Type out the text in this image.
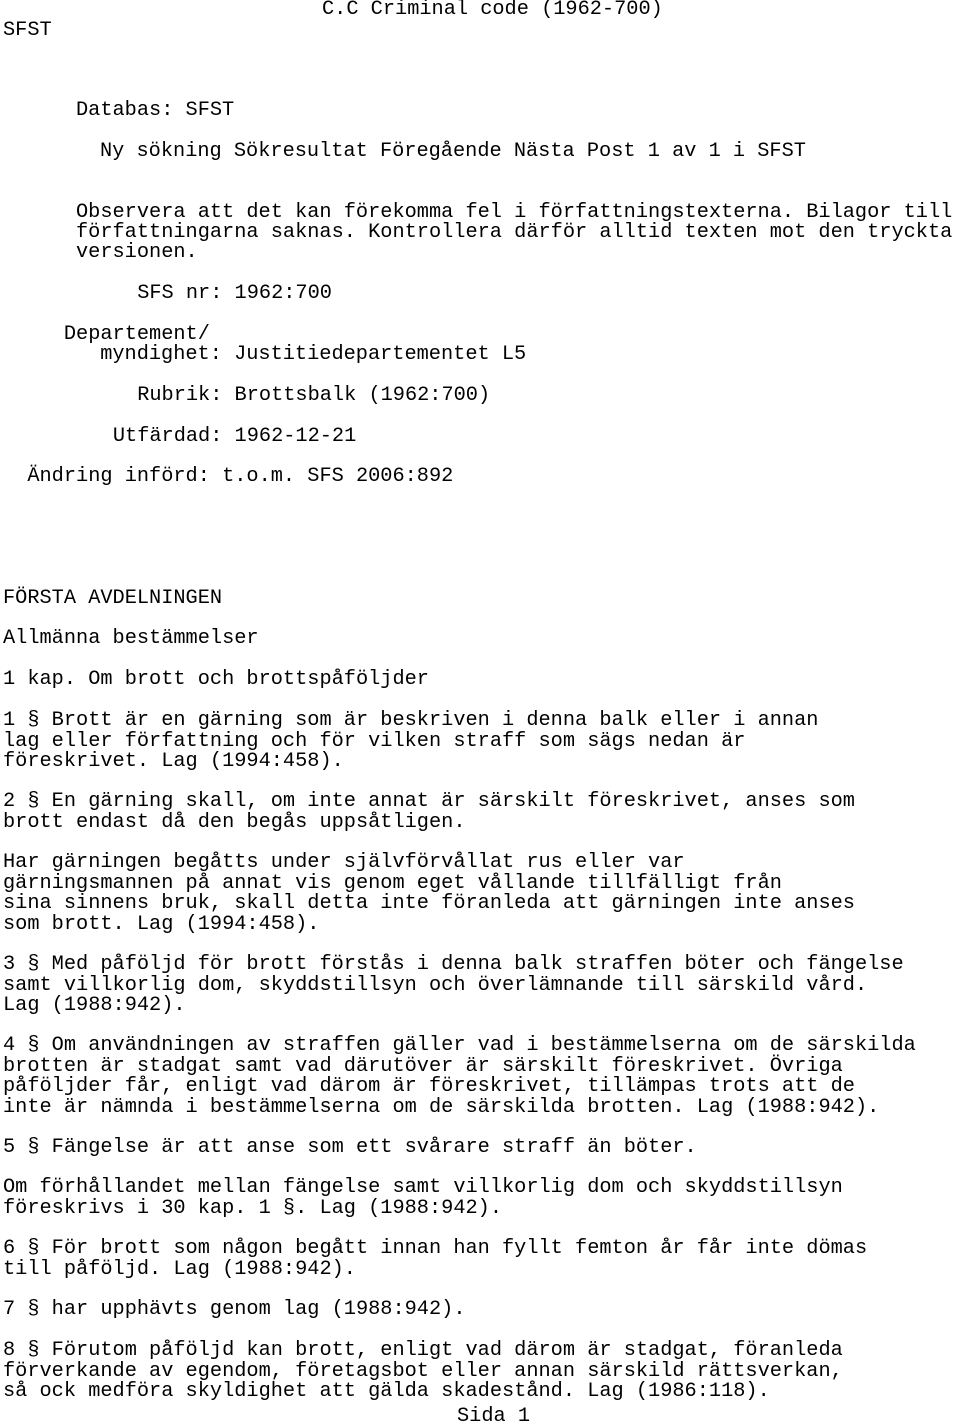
SFST
C.C Criminal code (1962-700)
Databas: SFST
Ny sökning Sökresultat Föregående Nästa Post 1 av 1 i SFST
Observera att det kan förekomma fel i författningstexterna. Bilagor till
författningarna saknas. Kontrollera därför alltid texten mot den tryckta
versionen.
SFS nr: 1962:700
Departement/
myndighet: Justitiedepartementet L5
Rubrik: Brottsbalk (1962:700)
Utfärdad: 1962-12-21
Ändring införd: t.o.m. SFS 2006:892
FÖRSTA AVDELNINGEN
Allmänna bestämmelser
1 kap. Om brott och brottspåföljder
1 § Brott är en gärning som är beskriven i denna balk eller i annan
lag eller författning och för vilken straff som sägs nedan är
föreskrivet. Lag (1994:458).
2 § En gärning skall, om inte annat är särskilt föreskrivet, anses som
brott endast då den begås uppsåtligen.
Har gärningen begåtts under självförvållat rus eller var
gärningsmannen på annat vis genom eget vållande tillfälligt från
sina sinnens bruk, skall detta inte föranleda att gärningen inte anses
som brott. Lag (1994:458).
3 § Med påföljd för brott förstås i denna balk straffen böter och fängelse
samt villkorlig dom, skyddstillsyn och överlämnande till särskild vård.
Lag (1988:942).
4 § Om användningen av straffen gäller vad i bestämmelserna om de särskilda
brotten är stadgat samt vad därutöver är särskilt föreskrivet. Övriga
påföljder får, enligt vad därom är föreskrivet, tillämpas trots att de
inte är nämnda i bestämmelserna om de särskilda brotten. Lag (1988:942).
5 § Fängelse är att anse som ett svårare straff än böter.
Om förhållandet mellan fängelse samt villkorlig dom och skyddstillsyn
föreskrivs i 30 kap. 1 §. Lag (1988:942).
6 § För brott som någon begått innan han fyllt femton år får inte dömas
till påföljd. Lag (1988:942).
7 § har upphävts genom lag (1988:942).
8 § Förutom påföljd kan brott, enligt vad därom är stadgat, föranleda
förverkande av egendom, företagsbot eller annan särskild rättsverkan,
så ock medföra skyldighet att gälda skadestånd. Lag (1986:118).
Sida 1
